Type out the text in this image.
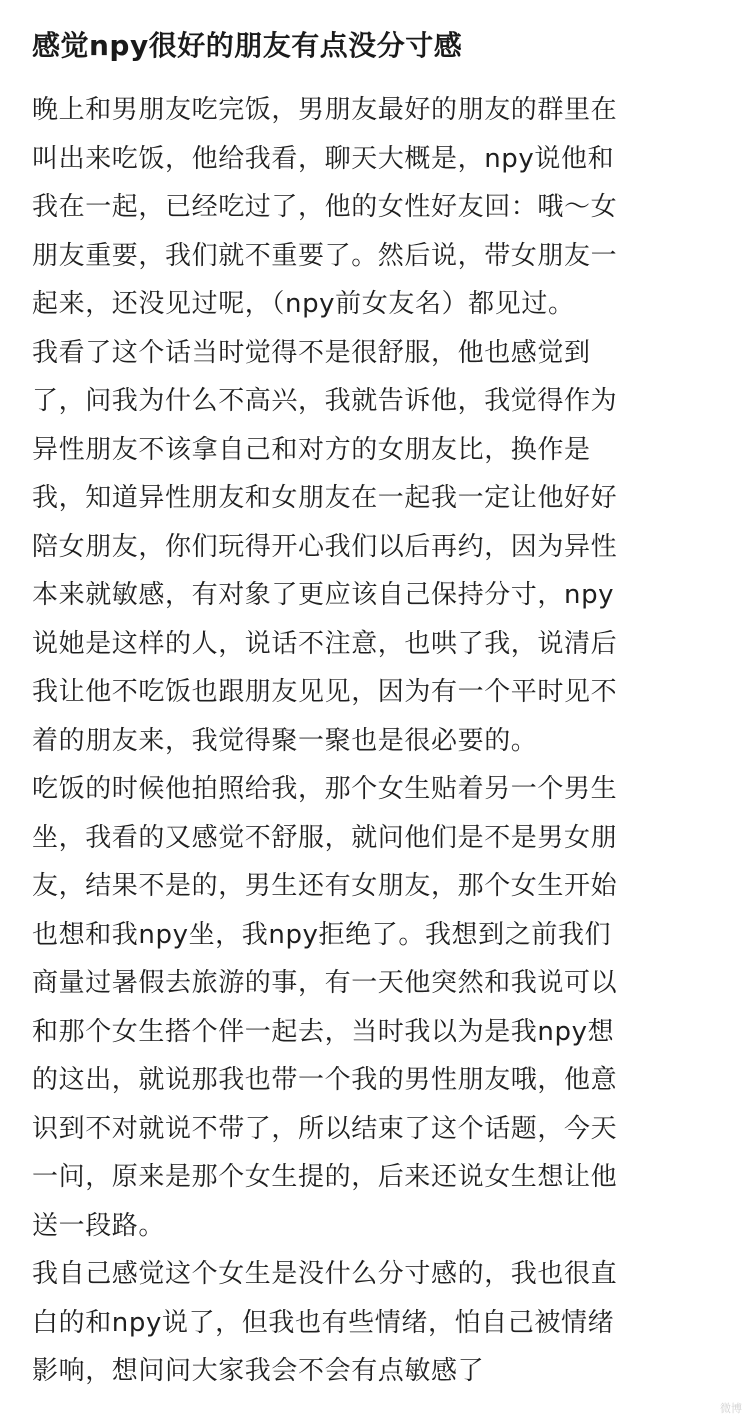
感觉npy很好的朋友有点没分寸感
晚上和男朋友吃完饭，男朋友最好的朋友的群里在
叫出来吃饭，他给我看，聊天大概是，npy说他和
我在一起，已经吃过了，他的女性好友回：哦～女
朋友重要，我们就不重要了。然后说，带女朋友一
起来，还没见过呢，（npy前女友名）都见过。
我看了这个话当时觉得不是很舒服，他也感觉到
了，问我为什么不高兴，我就告诉他，我觉得作为
异性朋友不该拿自己和对方的女朋友比，换作是
我，知道异性朋友和女朋友在一起我一定让他好好
陪女朋友，你们玩得开心我们以后再约，因为异性
本来就敏感，有对象了更应该自己保持分寸，npy
说她是这样的人，说话不注意，也哄了我，说清后
我让他不吃饭也跟朋友见见，因为有一个平时见不
着的朋友来，我觉得聚一聚也是很必要的。
吃饭的时候他拍照给我，那个女生贴着另一个男生
坐，我看的又感觉不舒服，就问他们是不是男女朋
友，结果不是的，男生还有女朋友，那个女生开始
也想和我npy坐，我npy拒绝了。我想到之前我们
商量过暑假去旅游的事，有一天他突然和我说可以
和那个女生搭个伴一起去，当时我以为是我npy想
的这出，就说那我也带一个我的男性朋友哦，他意
识到不对就说不带了，所以结束了这个话题，今天
一问，原来是那个女生提的，后来还说女生想让他
送一段路。
我自己感觉这个女生是没什么分寸感的，我也很直
白的和npy说了，但我也有些情绪，怕自己被情绪
影响，想问问大家我会不会有点敏感了
微博
